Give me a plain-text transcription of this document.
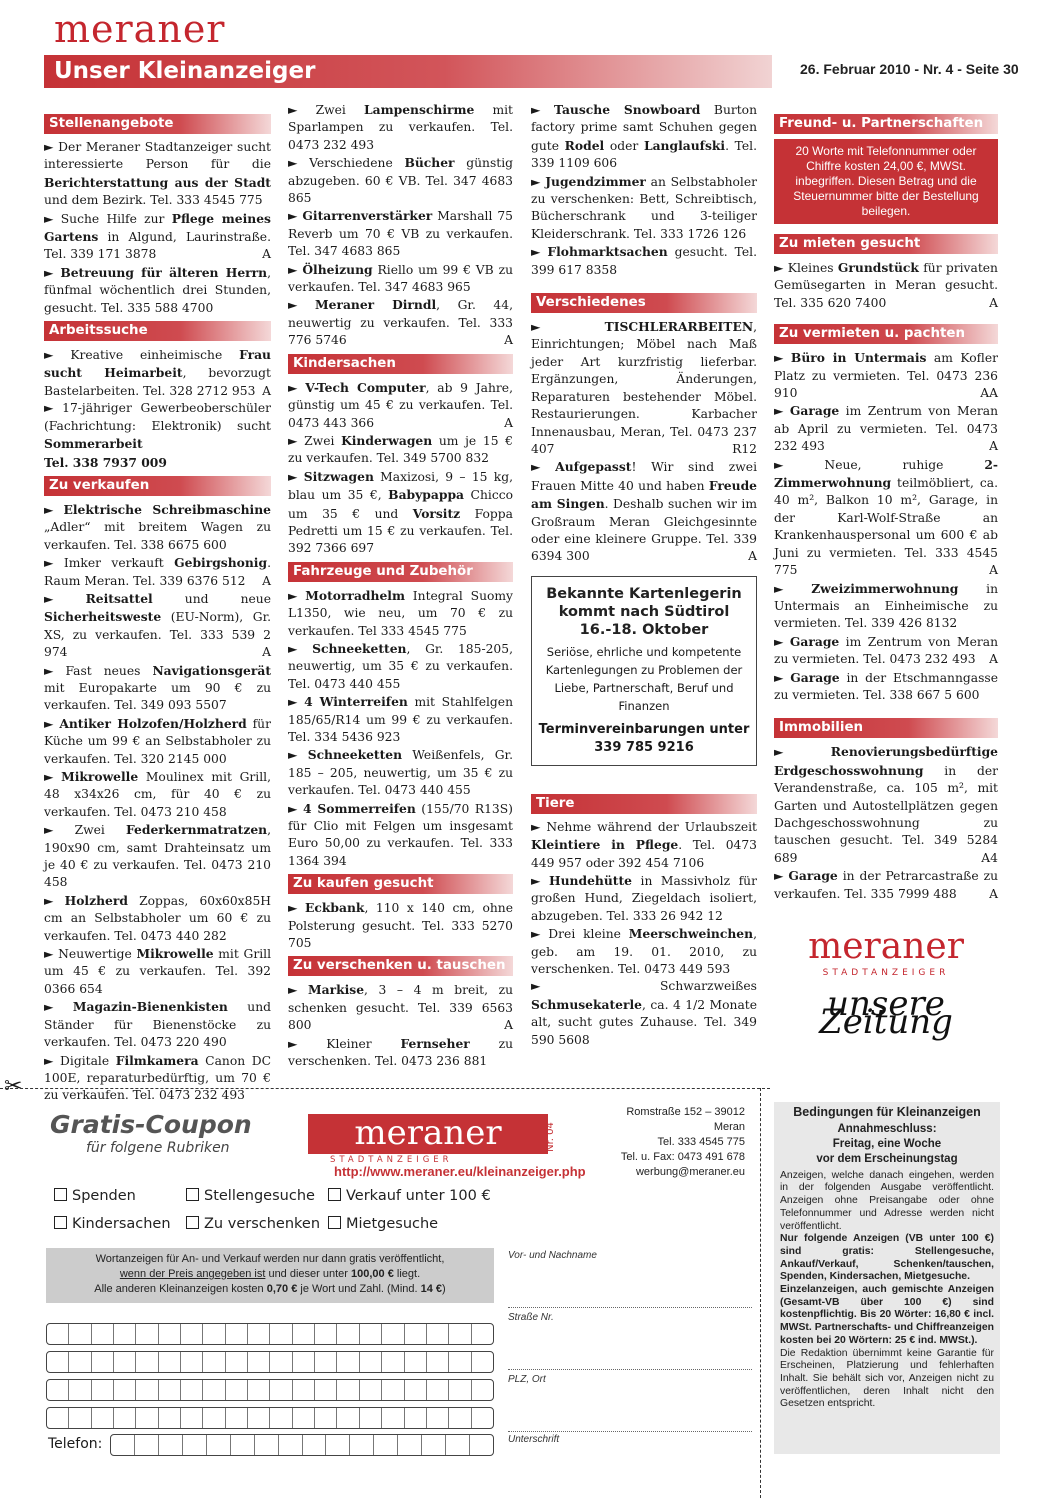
meraner
Unser Kleinanzeiger	26. Februar 2010 - Nr. 4 - Seite 30
Stellenangebote

► Der Meraner Stadtanzeiger sucht interessierte Person für die Berichterstattung aus der Stadt und dem Bezirk. Tel. 333 4545 775

► Suche Hilfe zur Pflege meines Gartens in Algund, Laurinstraße. Tel. 339 171 3878	A

► Betreuung für älteren Herrn, fünfmal wöchentlich drei Stunden, gesucht. Tel. 335 588 4700

Arbeitssuche

► Kreative einheimische Frau sucht Heimarbeit, bevorzugt Bastelarbeiten. Tel. 328 2712 953 A

► 17-jähriger Gewerbeoberschüler (Fachrichtung: Elektronik) sucht Sommerarbeit
Tel. 338 7937 009

Zu verkaufen

► Elektrische Schreibmaschine „Adler“ mit breitem Wagen zu verkaufen. Tel. 338 6675 600

► Imker verkauft Gebirgshonig. Raum Meran. Tel. 339 6376 512 A

► Reitsattel und neue Sicherheitsweste (EU-Norm), Gr. XS, zu verkaufen. Tel. 333 539 2 974	A

► Fast neues Navigationsgerät mit Europakarte um 90 € zu verkaufen. Tel. 349 093 5507

► Antiker Holzofen/Holzherd für Küche um 99 € an Selbstabholer zu verkaufen. Tel. 320 2145 000

► Mikrowelle Moulinex mit Grill, 48 x34x26 cm, für 40 € zu verkaufen. Tel. 0473 210 458

► Zwei Federkernmatratzen, 190x90 cm, samt Drahteinsatz um je 40 € zu verkaufen. Tel. 0473 210 458

► Holzherd Zoppas, 60x60x85H cm an Selbstabholer um 60 € zu verkaufen. Tel. 0473 440 282

► Neuwertige Mikrowelle mit Grill um 45 € zu verkaufen. Tel. 392 0366 654

► Magazin-Bienenkisten und Ständer für Bienenstöcke zu verkaufen. Tel. 0473 220 490

► Digitale Filmkamera Canon DC 100E, reparaturbedürftig, um 70 € zu verkaufen. Tel. 0473 232 493

► Zwei Lampenschirme mit Sparlampen zu verkaufen. Tel. 0473 232 493

► Verschiedene Bücher günstig abzugeben. 60 € VB. Tel. 347 4683 865

► Gitarrenverstärker Marshall 75 Reverb um 70 € VB zu verkaufen. Tel. 347 4683 865

► Ölheizung Riello um 99 € VB zu verkaufen. Tel. 347 4683 965

► Meraner Dirndl, Gr. 44, neuwertig zu verkaufen. Tel. 333 776 5746	A

Kindersachen

► V-Tech Computer, ab 9 Jahre, günstig um 45 € zu verkaufen. Tel. 0473 443 366	A

► Zwei Kinderwagen um je 15 € zu verkaufen. Tel. 349 5700 832

► Sitzwagen Maxizosi, 9 – 15 kg, blau um 35 €, Babypappa Chicco um 35 € und Vorsitz Foppa Pedretti um 15 € zu verkaufen. Tel. 392 7366 697

Fahrzeuge und Zubehör

► Motorradhelm Integral Suomy L1350, wie neu, um 70 € zu verkaufen. Tel 333 4545 775

► Schneeketten, Gr. 185-205, neuwertig, um 35 € zu verkaufen. Tel. 0473 440 455

► 4 Winterreifen mit Stahlfelgen 185/65/R14 um 99 € zu verkaufen. Tel. 334 5436 923

► Schneeketten Weißenfels, Gr. 185 – 205, neuwertig, um 35 € zu verkaufen. Tel. 0473 440 455

► 4 Sommerreifen (155/70 R13S) für Clio mit Felgen um insgesamt Euro 50,00 zu verkaufen. Tel. 333 1364 394

Zu kaufen gesucht

► Eckbank, 110 x 140 cm, ohne Polsterung gesucht. Tel. 333 5270 705

Zu verschenken u. tauschen

► Markise, 3 – 4 m breit, zu schenken gesucht. Tel. 339 6563 800	A

► Kleiner Fernseher zu verschenken. Tel. 0473 236 881

► Tausche Snowboard Burton factory prime samt Schuhen gegen gute Rodel oder Langlaufski. Tel. 339 1109 606

► Jugendzimmer an Selbstabholer zu verschenken: Bett, Schreibtisch, Bücherschrank und 3-teiliger Kleiderschrank. Tel. 333 1726 126

► Flohmarktsachen gesucht. Tel. 399 617 8358

Verschiedenes

► TISCHLERARBEITEN, Einrichtungen; Möbel nach Maß jeder Art kurzfristig lieferbar. Ergänzungen, Änderungen, Reparaturen bestehender Möbel. Restaurierungen. Karbacher Innenausbau, Meran, Tel. 0473 237 407	R12

► Aufgepasst! Wir sind zwei Frauen Mitte 40 und haben Freude am Singen. Deshalb suchen wir im Großraum Meran Gleichgesinnte oder eine kleinere Gruppe. Tel. 339 6394 300	A

Bekannte Kartenlegerin kommt nach Südtirol
16.-18. Oktober
Seriöse, ehrliche und kompetente Kartenlegungen zu Problemen der Liebe, Partnerschaft, Beruf und Finanzen
Terminvereinbarungen unter 339 785 9216
Tiere

► Nehme während der Urlaubszeit Kleintiere in Pflege. Tel. 0473 449 957 oder 392 454 7106

► Hundehütte in Massivholz für großen Hund, Ziegeldach isoliert, abzugeben. Tel. 333 26 942 12

► Drei kleine Meerschweinchen, geb. am 19. 01. 2010, zu verschenken. Tel. 0473 449 593

► Schwarzweißes Schmusekaterle, ca. 4 1/2 Monate alt, sucht gutes Zuhause. Tel. 349 590 5608

Freund- u. Partnerschaften
20 Worte mit Telefonnummer oder Chiffre kosten 24,00 €, MWSt. inbegriffen. Diesen Betrag und die Steuernummer bitte der Bestellung beilegen.
Zu mieten gesucht

► Kleines Grundstück für privaten Gemüsegarten in Meran gesucht. Tel. 335 620 7400	A

Zu vermieten u. pachten

► Büro in Untermais am Kofler Platz zu vermieten. Tel. 0473 236 910	AA

► Garage im Zentrum von Meran ab April zu vermieten. Tel. 0473 232 493	A

► Neue, ruhige 2-Zimmerwohnung teilmöbliert, ca. 40 m², Balkon 10 m², Garage, in der Karl-Wolf-Straße an Krankenhauspersonal um 600 € ab Juni zu vermieten. Tel. 333 4545 775	A

► Zweizimmerwohnung in Untermais an Einheimische zu vermieten. Tel. 339 426 8132

► Garage im Zentrum von Meran zu vermieten. Tel. 0473 232 493 A

► Garage in der Etschmanngasse zu vermieten. Tel. 338 667 5 600

Immobilien

► Renovierungsbedürftige Erdgeschosswohnung in der Verandenstraße, ca. 105 m², mit Garten und Autostellplätzen gegen Dachgeschosswohnung zu tauschen gesucht. Tel. 349 5284 689	A4

► Garage in der Petrarcastraße zu verkaufen. Tel. 335 7999 488	A

meraner
STADTANZEIGER
unsere Zeitung
✂
Gratis-Coupon
für folgene Rubriken	meraner	Nr. 04
STADTANZEIGER
http://www.meraner.eu/kleinanzeiger.php
Romstraße 152 – 39012 Meran
Tel. 333 4545 775
Tel. u. Fax: 0473 491 678
werbung@meraner.eu
Spenden	Stellengesuche	Verkauf unter 100 €
Kindersachen	Zu verschenken	Mietgesuche
Wortanzeigen für An- und Verkauf werden nur dann gratis veröffentlicht,
wenn der Preis angegeben ist und dieser unter 100,00 € liegt.
Alle anderen Kleinanzeigen kosten 0,70 € je Wort und Zahl. (Mind. 14 €)
Telefon:
Vor- und Nachname
Straße Nr.
PLZ, Ort
Unterschrift
Bedingungen für Kleinanzeigen
Annahmeschluss:
Freitag, eine Woche
vor dem Erscheinungstag
Anzeigen, welche danach eingehen, werden in der folgenden Ausgabe veröffentlicht. Anzeigen ohne Preisangabe oder ohne Telefonnummer und Adresse werden nicht veröffentlicht.
Nur folgende Anzeigen (VB unter 100 €) sind gratis: Stellengesuche, Ankauf/Verkauf, Schenken/tauschen, Spenden, Kindersachen, Mietgesuche.
Einzelanzeigen, auch gemischte Anzeigen (Gesamt-VB über 100 €) sind kostenpflichtig. Bis 20 Wörter: 16,80 € incl. MWSt. Partnerschafts- und Chiffreanzeigen kosten bei 20 Wörtern: 25 € ind. MWSt.).
Die Redaktion übernimmt keine Garantie für Erscheinen, Platzierung und fehlerhaften Inhalt. Sie behält sich vor, Anzeigen nicht zu veröffentlichen, deren Inhalt nicht den Gesetzen entspricht.
